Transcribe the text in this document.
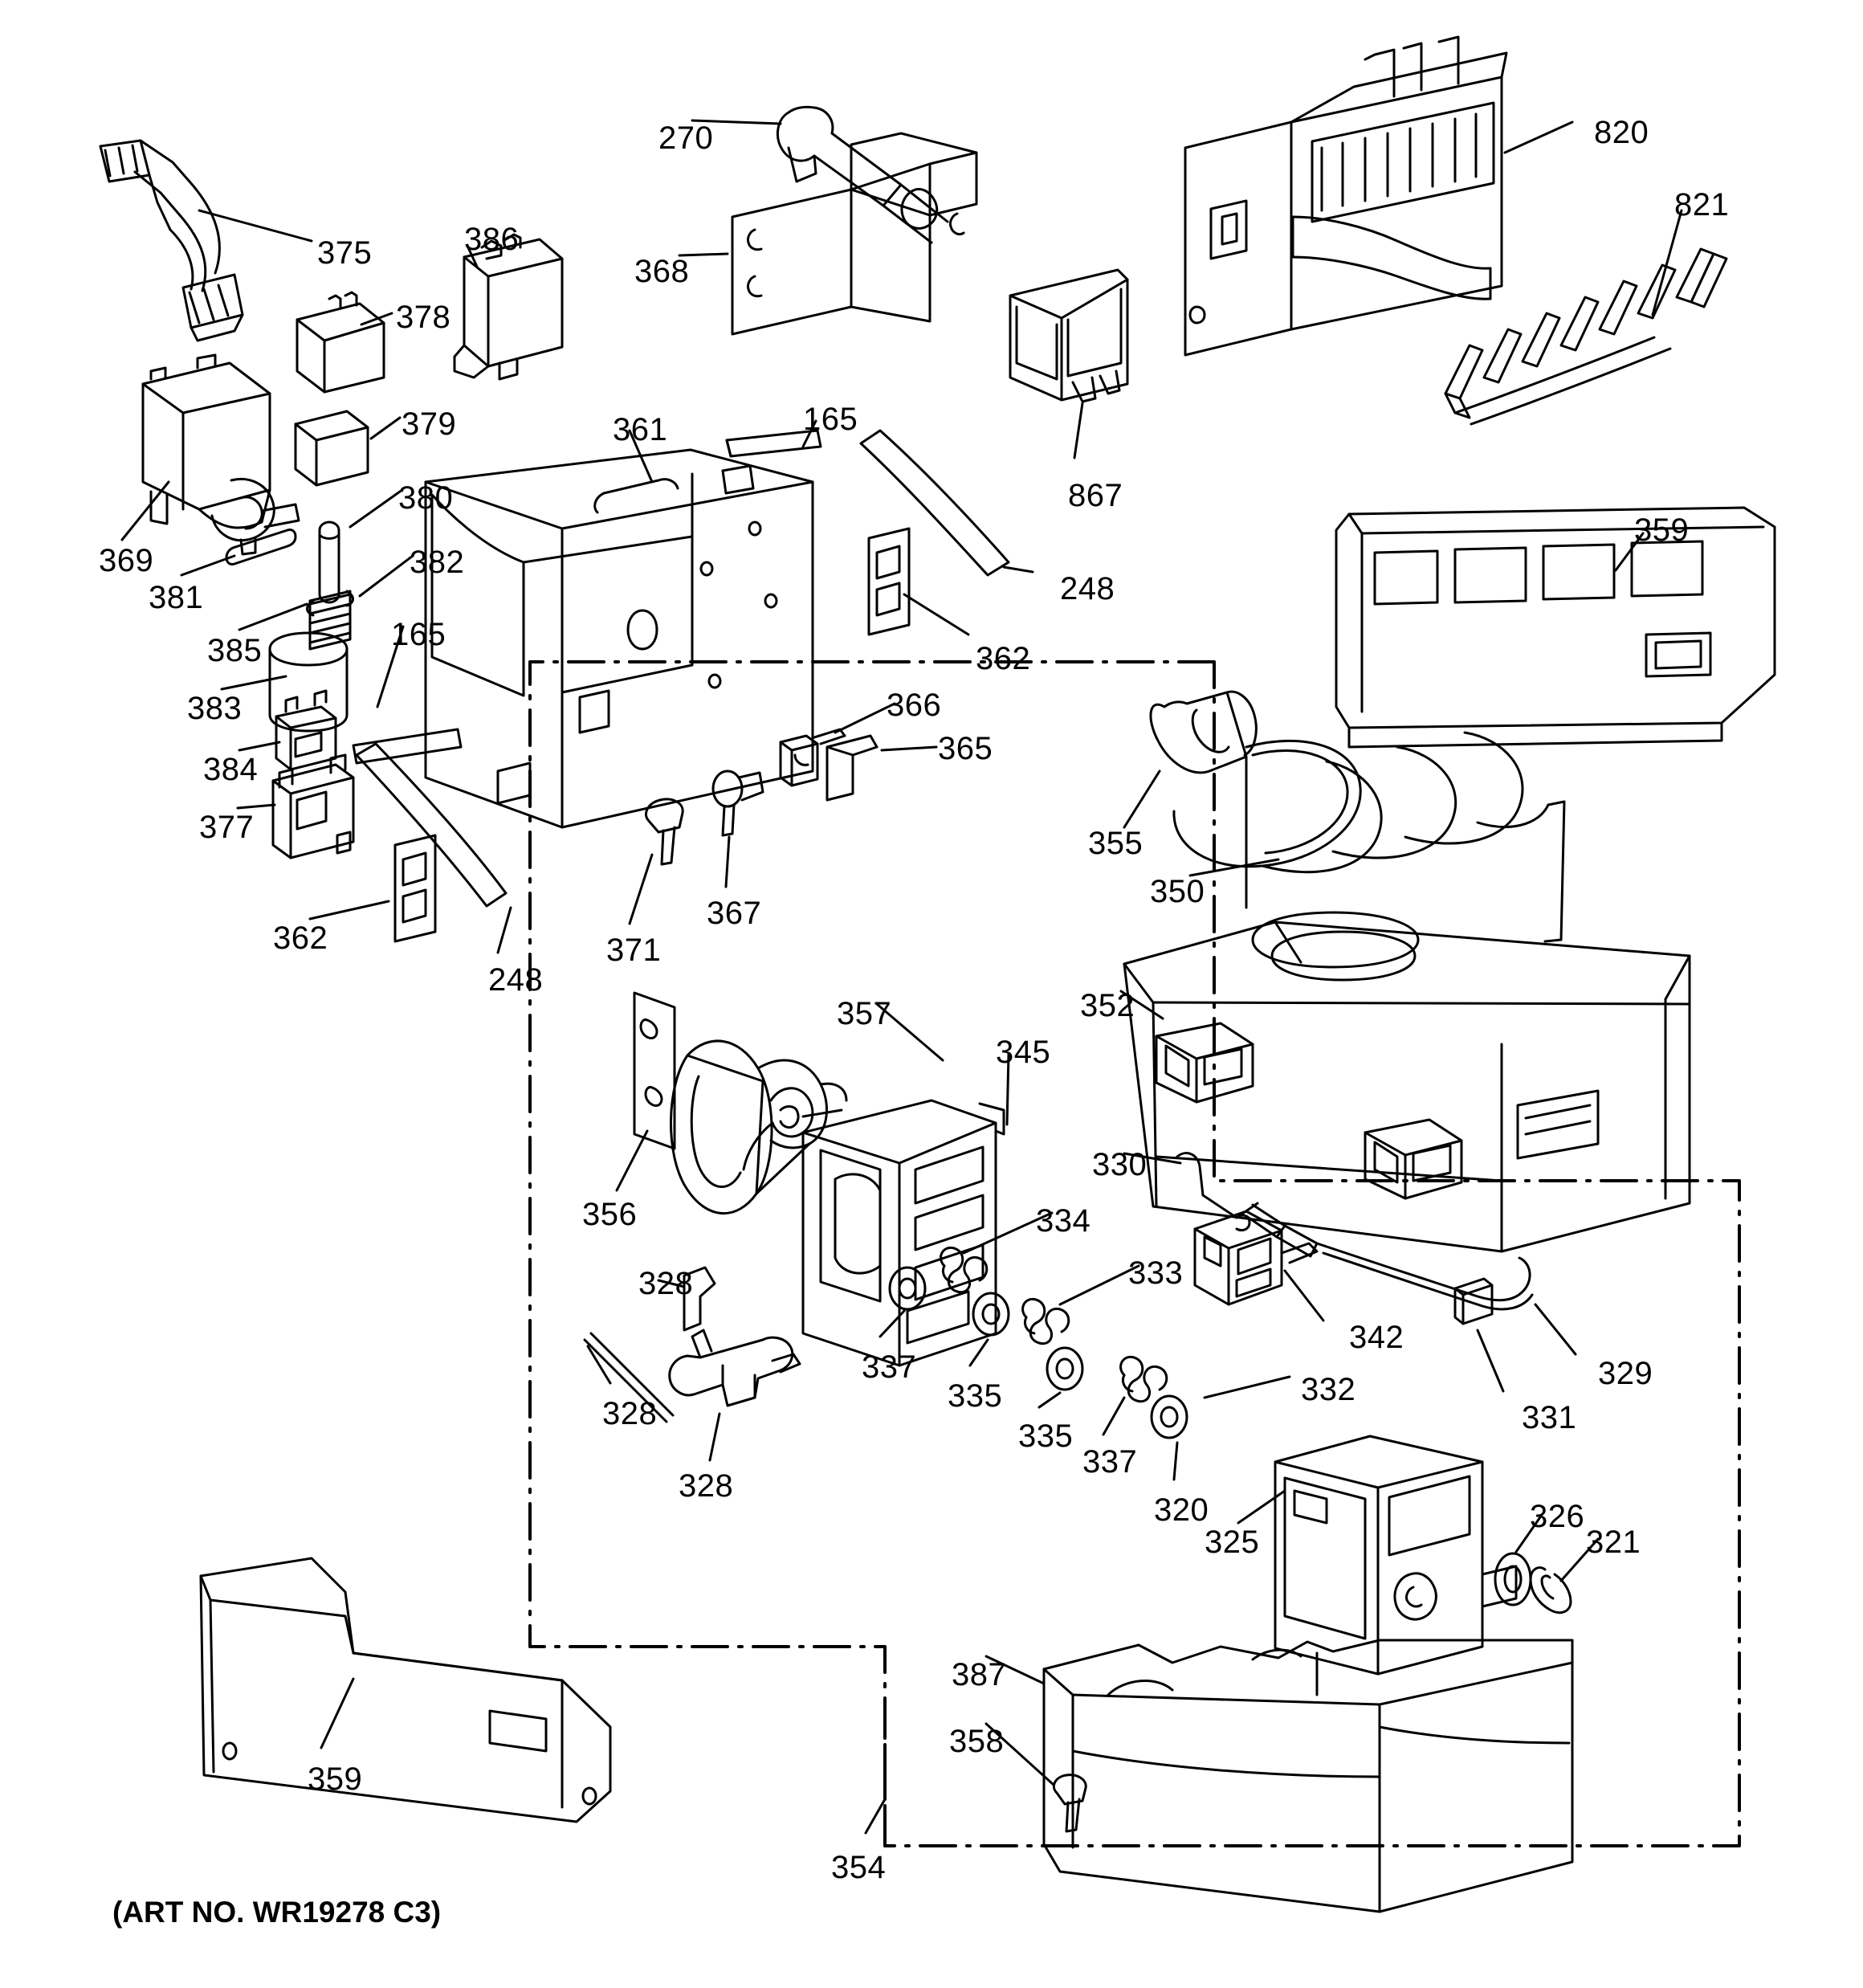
375	386
378
379
369
380
381
382
385	165
383
384
377
362
248
371
367
361	165
248
362
366
365
270
368
867
820
821
359
355
350
352
357
345
356
330
334
333
342
329
331
332
337
335
335
337
320
325
326
321
328
328
328
387
358
354
359
(ART NO. WR19278 C3)
